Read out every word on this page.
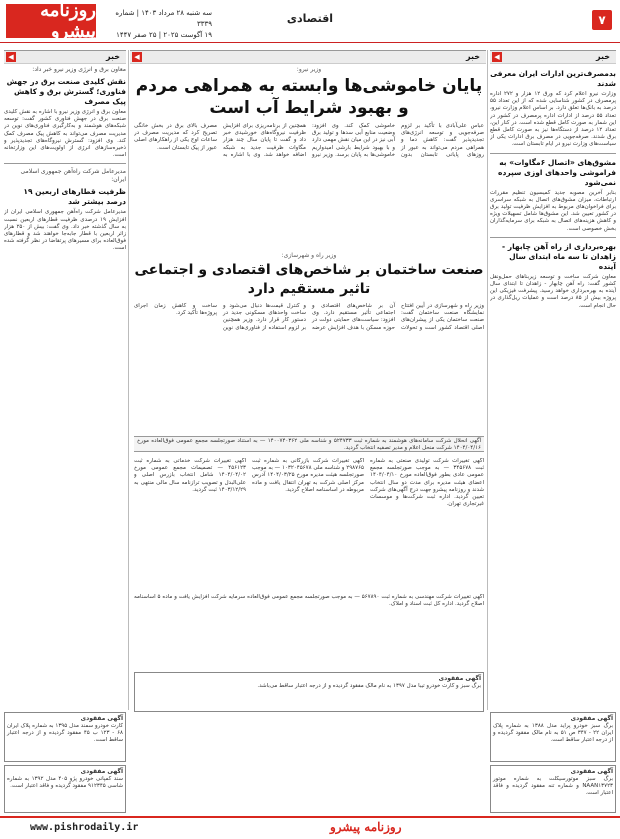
روزنامه پیشرو
سه شنبه ۲۸ مرداد ۱۴۰۳ | شماره ۳۳۳۹
۱۹ آگوست ۲۰۲۵ | ۲۵ صفر ۱۴۴۷
اقتصادی	۷
خبر
◀
خبر
◀
خبر
◀
بدمصرف‌ترین ادارات ایران معرفی شدند
وزارت نیرو اعلام کرد که ورق ۱۲ هزار و ۲۷۲ اداره پرمصرف در کشور شناسایی شده که از این تعداد ۵۵ درصد به بانک‌ها تعلق دارد. بر اساس اعلام وزارت نیرو، تعداد ۵۵ درصد از ادارات اداره پرمصرف در کشور در این شمار به صورت کامل قطع شده است. در کنار این، تعداد ۱۲ درصد از دستگاه‌ها نیز به صورت کامل قطع برق شدند. صرفه‌جویی در مصرف برق ادارات یکی از سیاست‌های وزارت نیرو در ایام تابستان است.
مشوق‌های «اتصال ۶مگاوات» به فراموشی واحدهای اوزی سپرده نمی‌شود
بنابر آخرین مصوبه جدید کمیسیون تنظیم مقررات ارتباطات، میزان مشوق‌های اتصال به شبکه سراسری برای فراخوان‌های مربوط به افزایش ظرفیت تولید برق در کشور تعیین شد. این مشوق‌ها شامل تسهیلات ویژه و کاهش هزینه‌های اتصال به شبکه برای سرمایه‌گذاران بخش خصوصی است.
بهره‌برداری از راه آهن چابهار - زاهدان تا سه ماه ابتدای سال آینده
معاون شرکت ساخت و توسعه زیربناهای حمل‌ونقل کشور گفت: راه آهن چابهار - زاهدان تا ابتدای سال آینده به بهره‌برداری خواهد رسید. پیشرفت فیزیکی این پروژه بیش از ۸۵ درصد است و عملیات ریل‌گذاری در حال انجام است.
وزیر نیرو:
پایان خاموشی‌ها وابسته به همراهی مردم و بهبود شرایط آب است
عباس علی‌آبادی با تأکید بر لزوم صرفه‌جویی و توسعه انرژی‌های تجدیدپذیر گفت: کاهش دما و همراهی مردم می‌تواند به عبور از روزهای پایانی تابستان بدون خاموشی کمک کند. وی افزود: وضعیت منابع آبی سدها و تولید برق آبی نیز در این میان نقش مهمی دارد و با بهبود شرایط بارشی امیدواریم خاموشی‌ها به پایان برسد. وزیر نیرو همچنین از برنامه‌ریزی برای افزایش ظرفیت نیروگاه‌های خورشیدی خبر داد و گفت تا پایان سال چند هزار مگاوات ظرفیت جدید به شبکه اضافه خواهد شد. وی با اشاره به مصرف بالای برق در بخش خانگی تصریح کرد که مدیریت مصرف در ساعات اوج یکی از راهکارهای اصلی عبور از پیک تابستان است.
وزیر راه و شهرسازی:
صنعت ساختمان بر شاخص‌های اقتصادی و اجتماعی تاثیر مستقیم دارد
وزیر راه و شهرسازی در آیین افتتاح نمایشگاه صنعت ساختمان گفت: صنعت ساختمان یکی از پیشران‌های اصلی اقتصاد کشور است و تحولات آن بر شاخص‌های اقتصادی و اجتماعی تأثیر مستقیم دارد. وی افزود: سیاست‌های حمایتی دولت در حوزه مسکن با هدف افزایش عرضه و کنترل قیمت‌ها دنبال می‌شود و ساخت واحدهای مسکونی جدید در دستور کار قرار دارد. وزیر همچنین بر لزوم استفاده از فناوری‌های نوین ساخت و کاهش زمان اجرای پروژه‌ها تأکید کرد.
معاون برق و انرژی وزیر نیرو خبر داد:
نقش کلیدی صنعت برق در جهش فناوری؛ گسترش برق و کاهش پیک مصرف
معاون برق و انرژی وزیر نیرو با اشاره به نقش کلیدی صنعت برق در جهش فناوری کشور گفت: توسعه شبکه‌های هوشمند و به‌کارگیری فناوری‌های نوین در مدیریت مصرف می‌تواند به کاهش پیک مصرف کمک کند. وی افزود: گسترش نیروگاه‌های تجدیدپذیر و ذخیره‌سازهای انرژی از اولویت‌های این وزارتخانه است.
مدیرعامل شرکت راه‌آهن جمهوری اسلامی ایران:
ظرفیت قطارهای اربعین ۱۹ درصد بیشتر شد
مدیرعامل شرکت راه‌آهن جمهوری اسلامی ایران از افزایش ۱۹ درصدی ظرفیت قطارهای اربعین نسبت به سال گذشته خبر داد. وی گفت: بیش از ۲۵۰ هزار زائر اربعین با قطار جابه‌جا خواهند شد و قطارهای فوق‌العاده برای مسیرهای پرتقاضا در نظر گرفته شده است.
آگهی انحلال شرکت سامانه‌های هوشمند به شماره ثبت ۵۲۴۷۳۳ و شناسه ملی ۱۴۰۰۷۴۰۳۶۲ — به استناد صورتجلسه مجمع عمومی فوق‌العاده مورخ ۱۴۰۴/۰۴/۱۶ شرکت منحل اعلام و مدیر تصفیه انتخاب گردید.
آگهی تغییرات شرکت تولیدی صنعتی به شماره ثبت ۳۴۵۶۷۸ — به موجب صورتجلسه مجمع عمومی عادی بطور فوق‌العاده مورخ ۱۴۰۴/۰۴/۱۰ اعضای هیئت مدیره برای مدت دو سال انتخاب شدند و روزنامه پیشرو جهت درج آگهی‌های شرکت تعیین گردید. اداره ثبت شرکت‌ها و موسسات غیرتجاری تهران.
آگهی تغییرات شرکت بازرگانی به شماره ثبت ۲۹۸۷۶۵ و شناسه ملی ۱۰۳۲۰۴۵۶۷۸ — به موجب صورتجلسه هیئت مدیره مورخ ۱۴۰۴/۰۳/۲۵ آدرس مرکز اصلی شرکت به تهران انتقال یافت و ماده مربوطه در اساسنامه اصلاح گردید.
آگهی تغییرات شرکت خدماتی به شماره ثبت ۴۵۶۱۲۳ — تصمیمات مجمع عمومی مورخ ۱۴۰۴/۰۴/۰۲ شامل انتخاب بازرس اصلی و علی‌البدل و تصویب ترازنامه سال مالی منتهی به ۱۴۰۳/۱۲/۲۹ ثبت گردید.
آگهی تغییرات شرکت مهندسی به شماره ثبت ۵۶۷۸۹۰ — به موجب صورتجلسه مجمع عمومی فوق‌العاده سرمایه شرکت افزایش یافت و ماده ۵ اساسنامه اصلاح گردید. اداره کل ثبت اسناد و املاک.
آگهی مفقودی
برگ سبز خودرو پراید مدل ۱۳۸۸ به شماره پلاک ایران ۲۲ - ۳۴۷ ص ۵۱ به نام مالک مفقود گردیده و از درجه اعتبار ساقط است.
آگهی مفقودی
برگ سبز موتورسیکلت به شماره موتور NAAN۱۳۷۲۳ و شماره تنه مفقود گردیده و فاقد اعتبار است.
آگهی مفقودی
کارت خودرو سمند مدل ۱۳۹۵ به شماره پلاک ایران ۶۸ - ۱۲۳ ب ۴۵ مفقود گردیده و از درجه اعتبار ساقط است.
آگهی مفقودی
سند کمپانی خودرو پژو ۴۰۵ مدل ۱۳۹۲ به شماره شاسی ۹۱۲۳۴۵ مفقود گردیده و فاقد اعتبار است.
آگهی مفقودی
برگ سبز و کارت خودرو تیبا مدل ۱۳۹۷ به نام مالک مفقود گردیده و از درجه اعتبار ساقط می‌باشد.
www.pishrodaily.ir	روزنامه پیشرو
